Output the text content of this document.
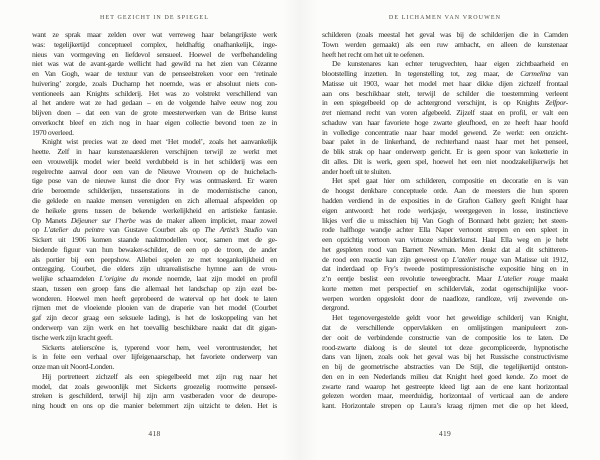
HET GEZICHT IN DE SPIEGEL
want ze sprak maar zelden over wat verreweg haar belangrijkste werk
was: tegelijkertijd conceptueel complex, heldhaftig onafhankelijk, inge-
nieus van vormgeving en liefdevol sensueel. Hoewel de verfbehandeling
niet was wat de avant-garde wellicht had gewild na het zien van Cézanne
en Van Gogh, waar de textuur van de penseelstreken voor een ‘retinale
huivering’ zorgde, zoals Duchamp het noemde, was er absoluut niets con-
ventioneels aan Knights schilderij. Het was zo volstrekt verschillend van
al het andere wat ze had gedaan – en de volgende halve eeuw nog zou
blijven doen – dat een van de grote meesterwerken van de Britse kunst
onverkocht bleef en zich nog in haar eigen collectie bevond toen ze in
1970 overleed.
Knight wist precies wat ze deed met ‘Het model’, zoals het aanvankelijk
heette. Zelf in haar kunstenaarskleren verschijnen terwijl ze werkt met
een vrouwelijk model wier beeld verdubbeld is in het schilderij was een
regelrechte aanval door een van de Nieuwe Vrouwen op de huichelach-
tige pose van de nieuwe kunst die door Fry was ontmaskerd. Er waren
drie beroemde schilderijen, tussenstations in de modernistische canon,
die geklede en naakte mensen verenigden en zich allemaal afspeelden op
de heikele grens tussen de bekende werkelijkheid en artistieke fantasie.
Op Manets Déjeuner sur l’herbe was de maker alleen impliciet, maar zowel
op L’atelier du peintre van Gustave Courbet als op The Artist’s Studio van
Sickert uit 1906 komen staande naaktmodellen voor, samen met de ge-
biedende figuur van hun bewaker-schilder, de een op de troon, de ander
als portier bij een peepshow. Allebei spelen ze met toegankelijkheid en
ontzegging. Courbet, die elders zijn ultrarealistische hymne aan de vrou-
welijke schaamdelen L’origine du monde noemde, laat zijn model en profil
staan, tussen een groep fans die allemaal het landschap op zijn ezel be-
wonderen. Hoewel men heeft geprobeerd de waterval op het doek te laten
rijmen met de vloeiende plooien van de draperie van het model (Courbet
gaf zijn decor graag een seksuele lading), is het de loskoppeling van het
onderwerp van zijn werk en het toevallig beschikbare naakt dat dit gigan-
tische werk zijn kracht geeft.
Sickerts atelierscène is, typerend voor hem, veel verontrustender, het
is in feite een verhaal over lijfeigenaarschap, het favoriete onderwerp van
onze man uit Noord-Londen.
Hij portretteert zichzelf als een spiegelbeeld met zijn rug naar het
model, dat zoals gewoonlijk met Sickerts groezelig roomwitte penseel-
streken is geschilderd, terwijl hij zijn arm vastberaden voor de deurope-
ning houdt en ons op die manier belemmert zijn uitzicht te delen. Het is
418
DE LICHAMEN VAN VROUWEN
schilderen (zoals meestal het geval was bij de schilderijen die in Camden
Town werden gemaakt) als een ruw ambacht, en alleen de kunstenaar
heeft het recht om het uit te oefenen.
De kunstenares kan echter terugvechten, haar eigen zichtbaarheid en
blootstelling inzetten. In tegenstelling tot, zeg maar, de Carmelina van
Matisse uit 1903, waar het model met haar dikke dijen zichzelf frontaal
aan ons beschikbaar stelt, terwijl de schilder die toestemming verleent
in een spiegelbeeld op de achtergrond verschijnt, is op Knights Zelfpor-
tret niemand recht van voren afgebeeld. Zijzelf staat en profil, er valt een
schaduw van haar favoriete hoge zwarte gleufhoed, en ze heeft haar hoofd
in volledige concentratie naar haar model gewend. Ze werkt: een onzicht-
baar palet in de linkerhand, de rechterhand naast haar met het penseel,
de blik strak op haar onderwerp gericht. Er is geen spoor van koketterie in
dit alles. Dit is werk, geen spel, hoewel het een niet noodzakelijkerwijs het
ander hoeft uit te sluiten.
Het spel gaat hier om schilderen, compositie en decoratie en is van
de hoogst denkbare conceptuele orde. Aan de meesters die hun sporen
hadden verdiend in de exposities in de Grafton Gallery geeft Knight haar
eigen antwoord: het rode werkjasje, weergegeven in losse, instinctieve
likjes verf die u misschien bij Van Gogh of Bonnard hebt gezien; het steen-
rode halfhoge wandje achter Ella Naper vertoont strepen en een spleet in
een opzichtig vertoon van virtuoze schilderkunst. Haal Ella weg en je hebt
het gespleten rood van Barnett Newman. Men denkt dat al dit schitteren-
de rood een reactie kan zijn geweest op L’atelier rouge van Matisse uit 1912,
dat inderdaad op Fry’s tweede postimpressionistische expositie hing en in
z’n eentje beslist een revolutie teweegbracht. Maar L’atelier rouge maakt
korte metten met perspectief en schildervlak, zodat ogenschijnlijke voor-
werpen worden opgeslokt door de naadloze, randloze, vrij zwevende on-
dergrond.
Het tegenovergestelde geldt voor het geweldige schilderij van Knight,
dat de verschillende oppervlakken en omlijstingen manipuleert zon-
der ooit de verbindende constructie van de compositie los te laten. De
rood-zwarte dialoog is de sleutel tot deze gecompliceerde, hypnotische
dans van lijnen, zoals ook het geval was bij het Russische constructivisme
en bij de geometrische abstracties van De Stijl, die tegelijkertijd ontston-
den en in een Nederlands milieu dat Knight heel goed kende. Zo moet de
zwarte rand waarop het gestreepte kleed ligt aan de ene kant horizontaal
gelezen worden maar, meerduidig, horizontaal of verticaal aan de andere
kant. Horizontale strepen op Laura’s kraag rijmen met die op het kleed,
419
